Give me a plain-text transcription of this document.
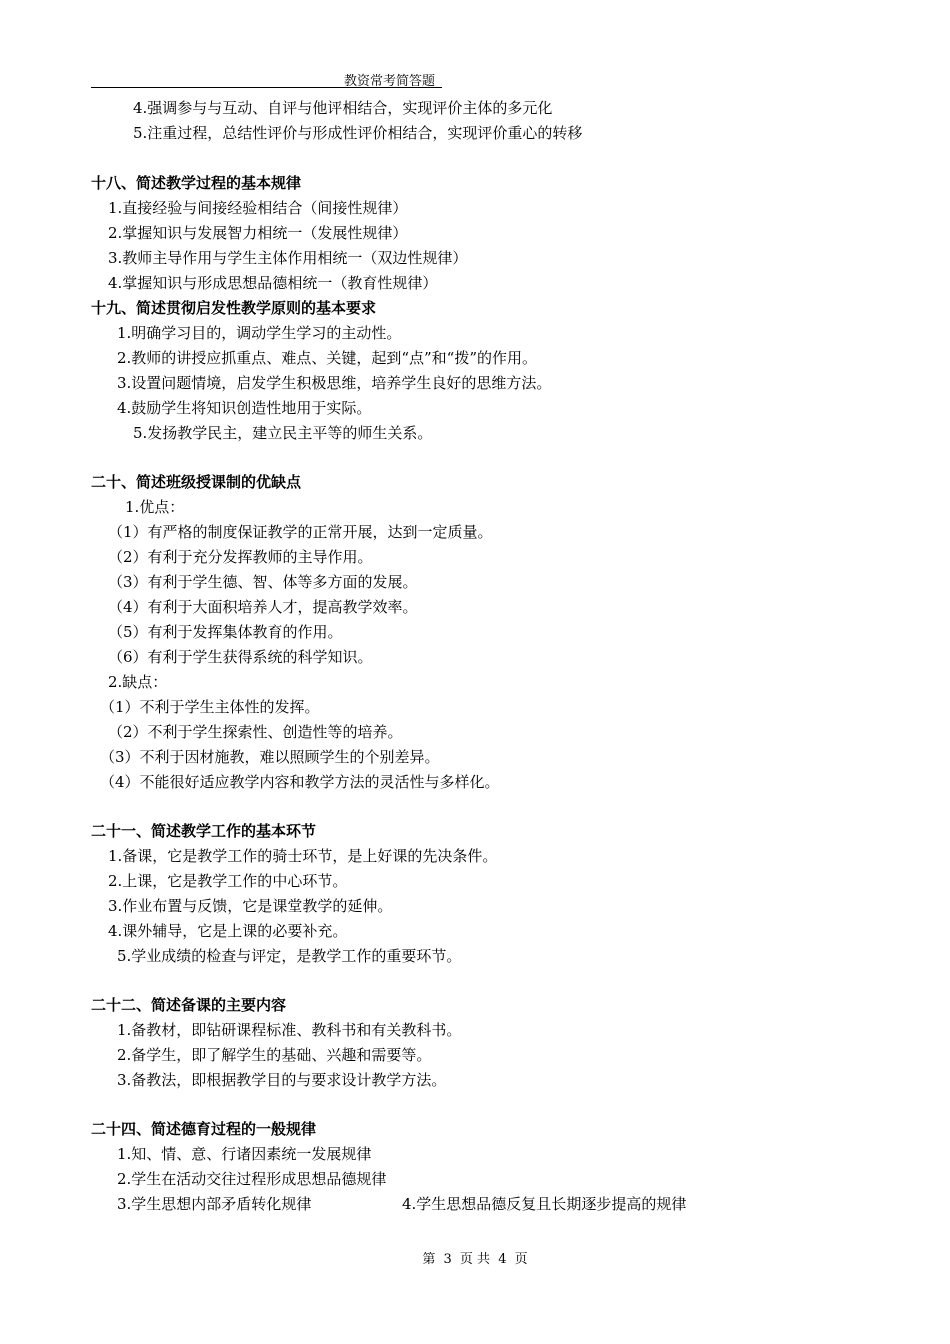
教资常考简答题
4.强调参与与互动、自评与他评相结合，实现评价主体的多元化
5.注重过程，总结性评价与形成性评价相结合，实现评价重心的转移
十八、简述教学过程的基本规律
1.直接经验与间接经验相结合（间接性规律）
2.掌握知识与发展智力相统一（发展性规律）
3.教师主导作用与学生主体作用相统一（双边性规律）
4.掌握知识与形成思想品德相统一（教育性规律）
十九、简述贯彻启发性教学原则的基本要求
1.明确学习目的，调动学生学习的主动性。
2.教师的讲授应抓重点、难点、关键，起到“点”和“拨”的作用。
3.设置问题情境，启发学生积极思维，培养学生良好的思维方法。
4.鼓励学生将知识创造性地用于实际。
5.发扬教学民主，建立民主平等的师生关系。
二十、简述班级授课制的优缺点
1.优点：
（1）有严格的制度保证教学的正常开展，达到一定质量。
（2）有利于充分发挥教师的主导作用。
（3）有利于学生德、智、体等多方面的发展。
（4）有利于大面积培养人才，提高教学效率。
（5）有利于发挥集体教育的作用。
（6）有利于学生获得系统的科学知识。
2.缺点：
（1）不利于学生主体性的发挥。
（2）不利于学生探索性、创造性等的培养。
（3）不利于因材施教，难以照顾学生的个别差异。
（4）不能很好适应教学内容和教学方法的灵活性与多样化。
二十一、简述教学工作的基本环节
1.备课，它是教学工作的骑士环节，是上好课的先决条件。
2.上课，它是教学工作的中心环节。
3.作业布置与反馈，它是课堂教学的延伸。
4.课外辅导，它是上课的必要补充。
5.学业成绩的检查与评定，是教学工作的重要环节。
二十二、简述备课的主要内容
1.备教材，即钻研课程标准、教科书和有关教科书。
2.备学生，即了解学生的基础、兴趣和需要等。
3.备教法，即根据教学目的与要求设计教学方法。
二十四、简述德育过程的一般规律
1.知、情、意、行诸因素统一发展规律
2.学生在活动交往过程形成思想品德规律
3.学生思想内部矛盾转化规律	4.学生思想品德反复且长期逐步提高的规律
第 3 页 共 4 页
